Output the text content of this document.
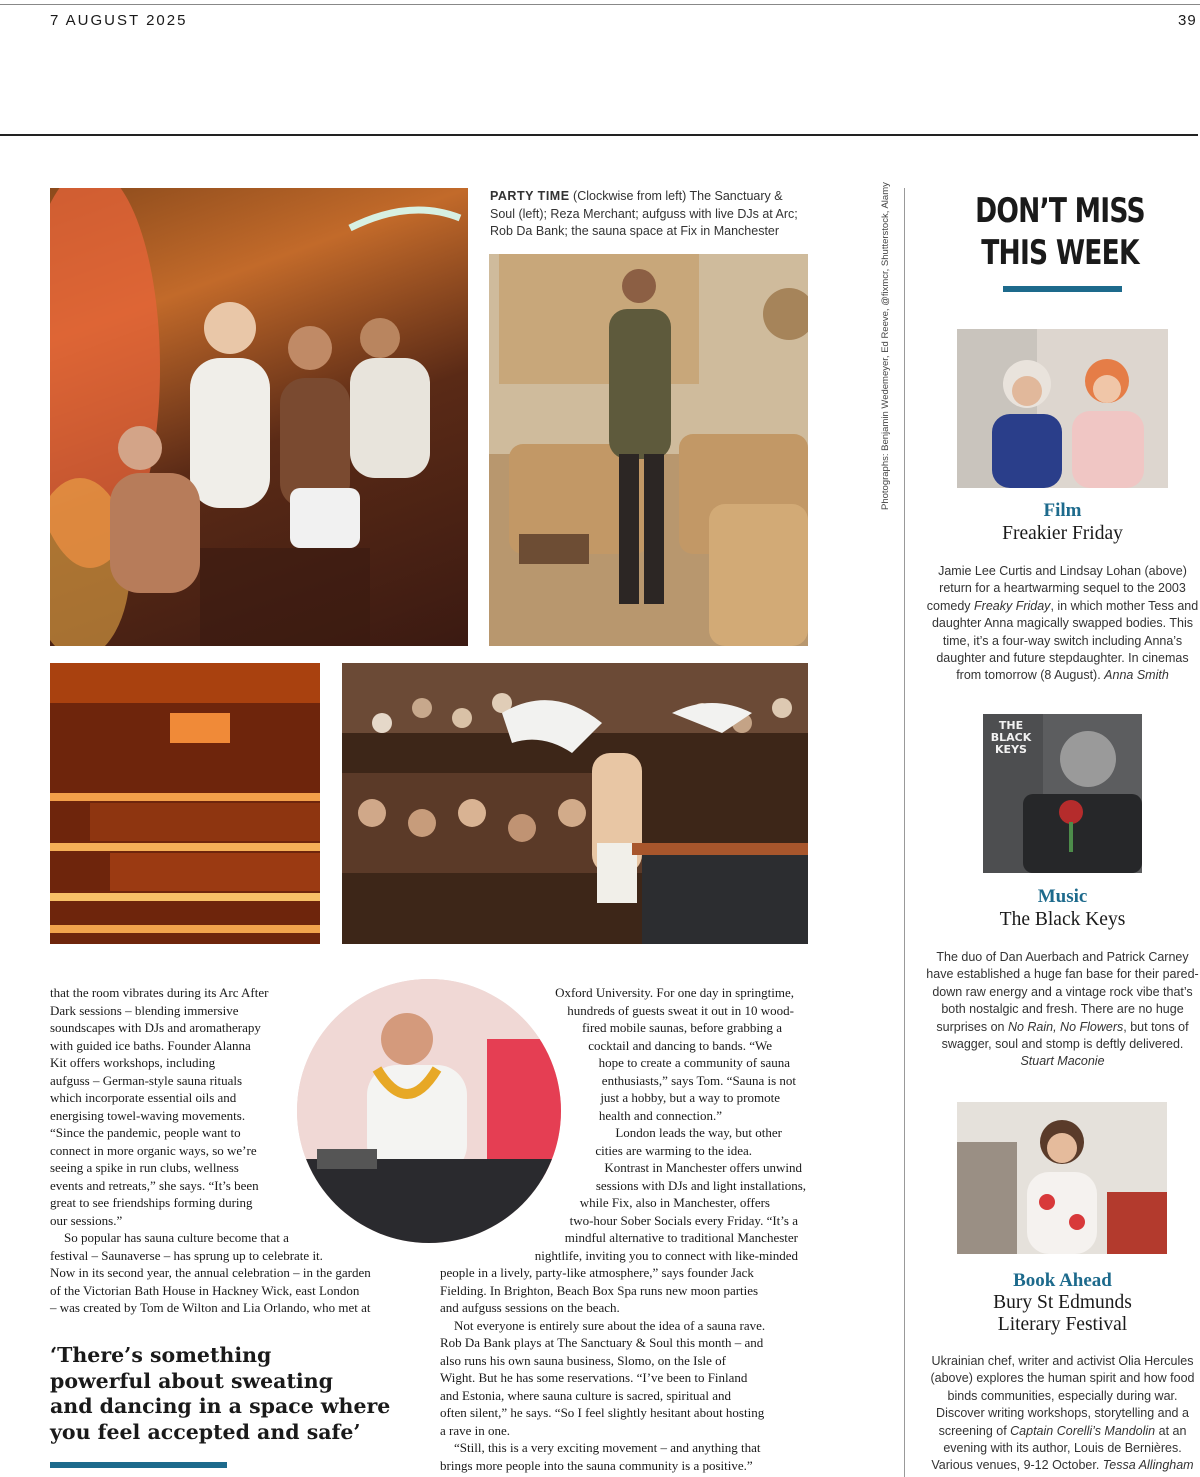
7 AUGUST 2025	39
PARTY TIME (Clockwise from left) The Sanctuary & Soul (left); Reza Merchant; aufguss with live DJs at Arc; Rob Da Bank; the sauna space at Fix in Manchester	Photographs: Benjamin Wedemeyer, Ed Reeve, @fixmcr, Shutterstock, Alamy	DON’T MISS
THIS WEEK
Film
Freakier Friday
Jamie Lee Curtis and Lindsay Lohan (above) return for a heartwarming sequel to the 2003 comedy Freaky Friday, in which mother Tess and daughter Anna magically swapped bodies. This time, it’s a four-way switch including Anna’s daughter and future stepdaughter. In cinemas from tomorrow (8 August). Anna Smith
THE BLACK KEYS
Music
The Black Keys
The duo of Dan Auerbach and Patrick Carney have established a huge fan base for their pared-down raw energy and a vintage rock vibe that’s both nostalgic and fresh. There are no huge surprises on No Rain, No Flowers, but tons of swagger, soul and stomp is deftly delivered. Stuart Maconie
Book Ahead
Bury St Edmunds
Literary Festival
Ukrainian chef, writer and activist Olia Hercules (above) explores the human spirit and how food binds communities, especially during war. Discover writing workshops, storytelling and a screening of Captain Corelli’s Mandolin at an evening with its author, Louis de Bernières. Various venues, 9-12 October. Tessa Allingham

that the room vibrates during its Arc After

Dark sessions – blending immersive

soundscapes with DJs and aromatherapy

with guided ice baths. Founder Alanna

Kit offers workshops, including

aufguss – German-style sauna rituals

which incorporate essential oils and

energising towel-waving movements.

“Since the pandemic, people want to

connect in more organic ways, so we’re

seeing a spike in run clubs, wellness

events and retreats,” she says. “It’s been

great to see friendships forming during

our sessions.”

So popular has sauna culture become that a

festival – Saunaverse – has sprung up to celebrate it.

Now in its second year, the annual celebration – in the garden

of the Victorian Bath House in Hackney Wick, east London

– was created by Tom de Wilton and Lia Orlando, who met at

Oxford University. For one day in springtime,

hundreds of guests sweat it out in 10 wood-

fired mobile saunas, before grabbing a

cocktail and dancing to bands. “We

hope to create a community of sauna

enthusiasts,” says Tom. “Sauna is not

just a hobby, but a way to promote

health and connection.”

London leads the way, but other

cities are warming to the idea.

Kontrast in Manchester offers unwind

sessions with DJs and light installations,

while Fix, also in Manchester, offers

two-hour Sober Socials every Friday. “It’s a

mindful alternative to traditional Manchester

nightlife, inviting you to connect with like-minded

people in a lively, party-like atmosphere,” says founder Jack

Fielding. In Brighton, Beach Box Spa runs new moon parties

and aufguss sessions on the beach.

Not everyone is entirely sure about the idea of a sauna rave.

Rob Da Bank plays at The Sanctuary & Soul this month – and

also runs his own sauna business, Slomo, on the Isle of

Wight. But he has some reservations. “I’ve been to Finland

and Estonia, where sauna culture is sacred, spiritual and

often silent,” he says. “So I feel slightly hesitant about hosting

a rave in one.

“Still, this is a very exciting movement – and anything that

brings more people into the sauna community is a positive.”

‘There’s something
powerful about sweating
and dancing in a space where
you feel accepted and safe’
